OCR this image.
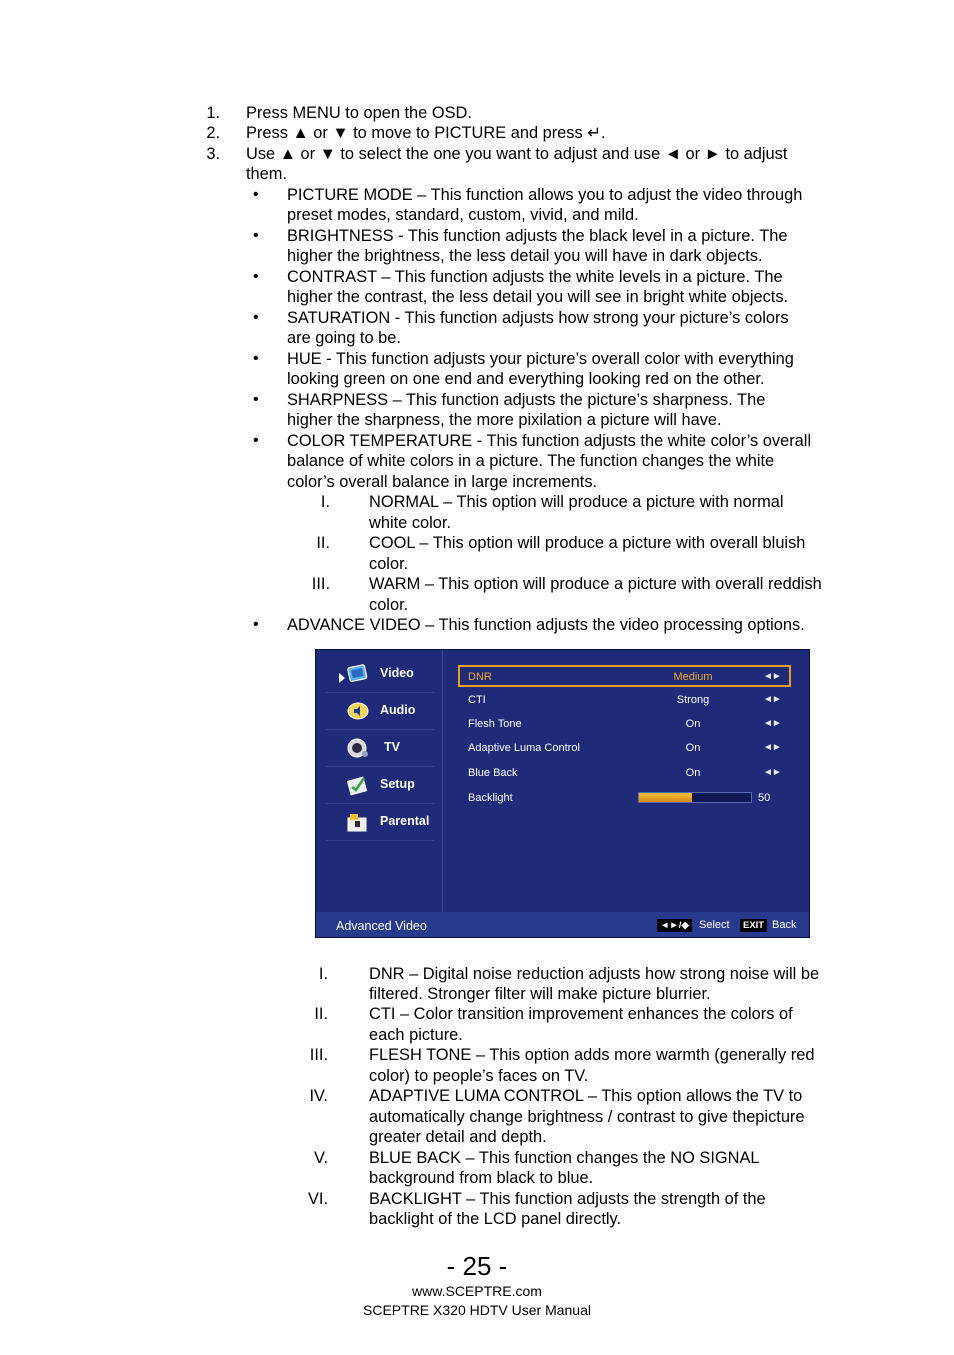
1. Press MENU to open the OSD.
2. Press ▲ or ▼ to move to PICTURE and press ↵.
3. Use ▲ or ▼ to select the one you want to adjust and use ◄ or ► to adjust
them.
• PICTURE MODE – This function allows you to adjust the video through
preset modes, standard, custom, vivid, and mild.
• BRIGHTNESS - This function adjusts the black level in a picture. The
higher the brightness, the less detail you will have in dark objects.
• CONTRAST – This function adjusts the white levels in a picture. The
higher the contrast, the less detail you will see in bright white objects.
• SATURATION - This function adjusts how strong your picture’s colors
are going to be.
• HUE - This function adjusts your picture’s overall color with everything
looking green on one end and everything looking red on the other.
• SHARPNESS – This function adjusts the picture’s sharpness. The
higher the sharpness, the more pixilation a picture will have.
• COLOR TEMPERATURE - This function adjusts the white color’s overall
balance of white colors in a picture. The function changes the white
color’s overall balance in large increments.
I. NORMAL – This option will produce a picture with normal
white color.
II. COOL – This option will produce a picture with overall bluish
color.
III. WARM – This option will produce a picture with overall reddish
color.
• ADVANCE VIDEO – This function adjusts the video processing options.
Video
Audio
TV
Setup
Parental
DNR	Medium	◄►
CTI	Strong	◄►
Flesh Tone	On	◄►
Adaptive Luma Control	On	◄►
Blue Back	On	◄►
Backlight	50
Advanced Video	◄►/◆ Select	EXIT Back
I.	DNR – Digital noise reduction adjusts how strong noise will be
filtered. Stronger filter will make picture blurrier.
II.	CTI – Color transition improvement enhances the colors of
each picture.
III.	FLESH TONE – This option adds more warmth (generally red
color) to people’s faces on TV.
IV.	ADAPTIVE LUMA CONTROL – This option allows the TV to
automatically change brightness / contrast to give thepicture
greater detail and depth.
V.	BLUE BACK – This function changes the NO SIGNAL
background from black to blue.
VI.	BACKLIGHT – This function adjusts the strength of the
backlight of the LCD panel directly.
- 25 -
www.SCEPTRE.com
SCEPTRE X320 HDTV User Manual
